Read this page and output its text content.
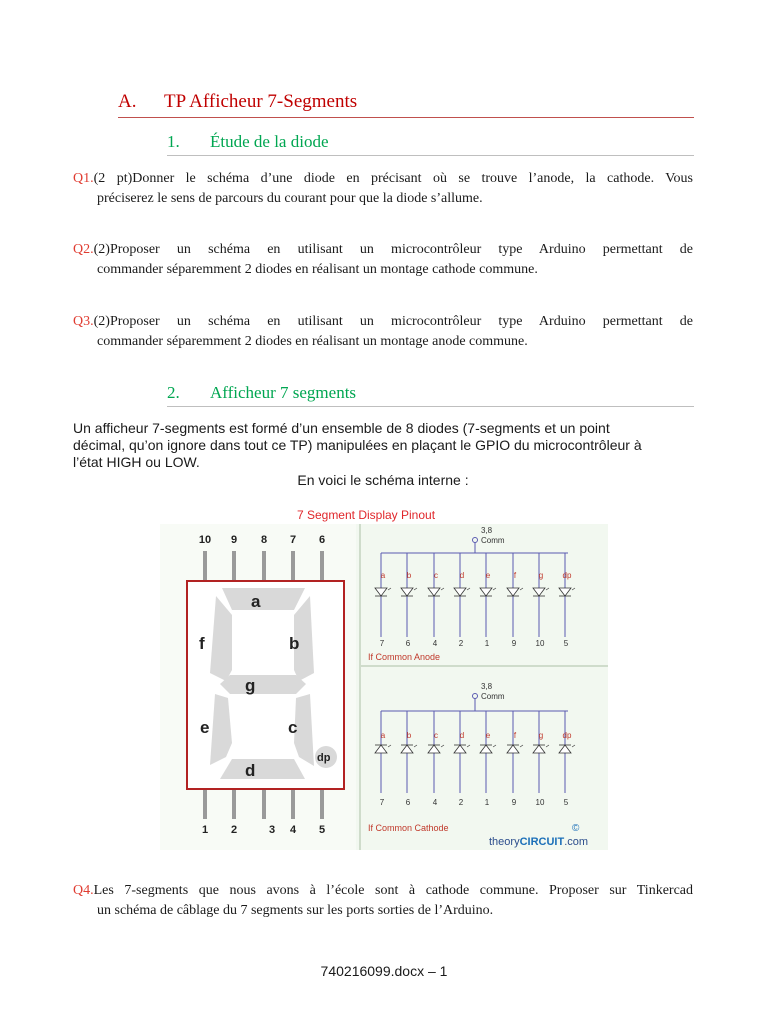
A. TP Afficheur 7-Segments
1. Étude de la diode
Q1.(2 pt)Donner le schéma d’une diode en précisant où se trouve l’anode, la cathode. Vous
préciserez le sens de parcours du courant pour que la diode s’allume.
Q2.(2)Proposer un schéma en utilisant un microcontrôleur type Arduino permettant de
commander séparemment 2 diodes en réalisant un montage cathode commune.
Q3.(2)Proposer un schéma en utilisant un microcontrôleur type Arduino permettant de
commander séparemment 2 diodes en réalisant un montage anode commune.
2. Afficheur 7 segments
Un afficheur 7-segments est formé d’un ensemble de 8 diodes (7-segments et un point
décimal, qu’on ignore dans tout ce TP) manipulées en plaçant le GPIO du microcontrôleur à
l’état HIGH ou LOW.
En voici le schéma interne :
7 Segment Display Pinout
10 9 8 7 6
1 2	3 4 5
a
b
c
d
e
f
g
dp
3,8
Comm
a
7
b
6
c
4
d
2
e
1
f
9
g
10
dp
5
If Common Anode
3,8
Comm
a
7
b
6
c
4
d
2
e
1
f
9
g
10
dp
5
If Common Cathode	©
theoryCIRCUIT.com
Q4.Les 7-segments que nous avons à l’école sont à cathode commune. Proposer sur Tinkercad
un schéma de câblage du 7 segments sur les ports sorties de l’Arduino.
740216099.docx – 1
